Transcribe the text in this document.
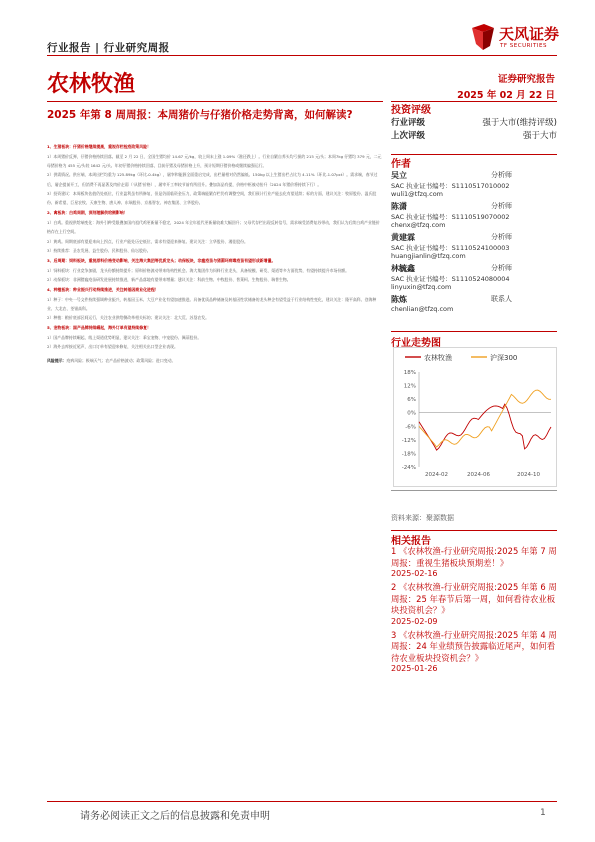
行业报告 | 行业研究周报
天风证券
TF SECURITIES
农林牧渔	证券研究报告
2025 年 02 月 22 日
2025 年第 8 周周报：本周猪价与仔猪价格走势背离，如何解读?

1、生猪板块：仔猪价格继续提高，重视存栏检疫政策风险！

1）本周猪价反弹，仔猪价格持续回落。截至 2 月 22 日，全国生猪均价 14.67 元/kg，较上周末上涨 1.09%（涨还跌上）。行业自繁自养头均亏损约 215 元/头；本周7kg 仔猪均 379 元，二元母猪价格为 455 元/头较 1642 元/头。年初仔猪价格持续回落，目前仔猪及母猪价格上升，预计短期仔猪价格或继续偏强运行。

2）供需情况。供应端，本周出栏均重为 125.89kg（环比-0.4kg），屠宰和能源全面重启完成，出栏量相对仍然偏低。150kg 以上生猪出栏占比为 4.11%（环比-1.07pct）。需求端，春节过后，屠企提前开工，但消费不再显著及肉价走弱（‘从猪’价格），屠宰开工率较节前有所回升。叠加冻品有提，价格中枢被动抬升（2024 年猪价将持续下行）。

3）投资建议：本周板块估值仍处低位，行业盈利虽有所修复，但是仍面临资金压力，政策端能繁存栏仍有调整空间，我们预计行业产能去化有望延续；标的方面，建议关注：牧原股份、温氏股份、新希望、巨星农牧、天康生物、唐人神、东瑞股份、京基智农、神农集团、立华股份。

2、禽板块：白鸡周期，深刻理解供给侧影响！

1）白鸡。重视供给端变化：海外引种受限叠加国内祖代鸡更新量不稳定，2024 年全年祖代更新量较难大幅回升；父母代存栏出现反转信号，需求端受消费复苏带动，我们认为后续白鸡产业链价格存在上行空间。

2）黄鸡。周期底部有望迎来向上拐点，行业产能处历史低位，需求有望迎来修复。建议关注：立华股份、湘佳股份。

3）持续推荐：圣农发展、益生股份、民和股份、仙坛股份。

3、后周期：饲料板块，重视原料价格变动影响，关注海大集团等优质龙头；动保板块，非瘟疫苗与猪圆环病毒疫苗有望形成新增量。

1）饲料板块：行业竞争加剧，龙头份额持续提升；原料价格波动带来结构性机会。海大集团作为饲料行业龙头，具备规模、研发、渠道等多方面优势，有望持续提升市场份额。

2）动保板块：非洲猪瘟疫苗研发进展持续推进，新产品落地有望带来增量；建议关注：科前生物、中牧股份、普莱柯、生物股份、瑞普生物。

4、种植板块：种业振兴行动持续推进，关注转基因商业化进程！

1）种子：中央一号文件持续强调种业振兴，转基因玉米、大豆产业化有望加速推进。具备优质品种储备及转基因性状储备的龙头种企有望受益于行业结构性变化，建议关注：隆平高科、登海种业、大北农、荃银高科。

2）种植：粮价底部区间运行，关注农业供给侧改革相关标的；建议关注：北大荒、苏垦农发。

5、宠物板块：国产品牌持续崛起，海外订单有望持续修复！

1）国产品牌持续崛起，线上渠道优势明显，建议关注：乖宝宠物、中宠股份、佩蒂股份。

2）海外去库接近尾声，出口订单有望迎来修复，关注相关出口型企业表现。

风险提示：疫病风险；极端天气；农产品价格波动；政策风险；进口变动。

投资评级
行业评级	强于大市(维持评级)
上次评级	强于大市
作者
吴立	分析师
SAC 执业证书编号：S1110517010002
wuli1@tfzq.com
陈潇	分析师
SAC 执业证书编号：S1110519070002
chenx@tfzq.com
黄建霖	分析师
SAC 执业证书编号：S1110524100003
huangjianlin@tfzq.com
林毓鑫	分析师
SAC 执业证书编号：S1110524080004
linyuxin@tfzq.com
陈炼	联系人
chenlian@tfzq.com
行业走势图
农林牧渔	沪深300
18%
12%
6%
0%
-6%
-12%
-18%
-24%
2024-02	2024-06	2024-10
资料来源：聚源数据
相关报告
1 《农林牧渔-行业研究周报:2025 年第 7 周周报：重视生猪板块预期差！》
2025-02-16
2 《农林牧渔-行业研究周报:2025 年第 6 周周报：25 年春节后第一周，如何看待农业板块投资机会？》
2025-02-09
3 《农林牧渔-行业研究周报:2025 年第 4 周周报：24 年业绩预告披露临近尾声，如何看待农业板块投资机会？》
2025-01-26
请务必阅读正文之后的信息披露和免责申明	1
